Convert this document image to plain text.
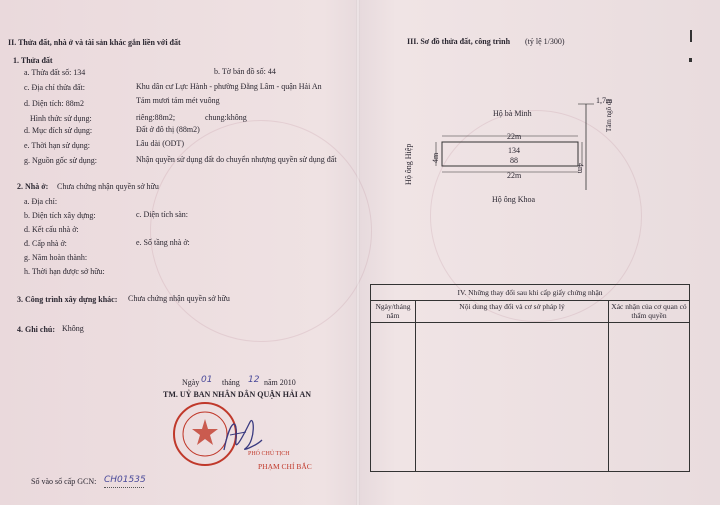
II. Thửa đất, nhà ở và tài sản khác gắn liền với đất
1. Thửa đất
a. Thửa đất số: 134	b. Tờ bản đồ số: 44
c. Địa chỉ thửa đất:	Khu dân cư Lực Hành - phường Đằng Lâm - quận Hải An
d. Diện tích: 88m2	Tám mươi tám mét vuông
Hình thức sử dụng:	riêng:88m2;	chung:không
d. Mục đích sử dụng:	Đất ở đô thị (88m2)
e. Thời hạn sử dụng:	Lâu dài (ODT)
g. Nguồn gốc sử dụng:	Nhận quyền sử dụng đất do chuyển nhượng quyền sử dụng đất
2. Nhà ở: Chưa chứng nhận quyền sở hữu
a. Địa chỉ:
b. Diện tích xây dựng:	c. Diện tích sàn:
d. Kết cấu nhà ở:
đ. Cấp nhà ở:	e. Số tầng nhà ở:
g. Năm hoàn thành:
h. Thời hạn được sở hữu:
3. Công trình xây dựng khác: Chưa chứng nhận quyền sở hữu
4. Ghi chú: Không
Ngày 01 tháng 12 năm 2010
TM. UỶ BAN NHÂN DÂN QUẬN HẢI AN
PHÓ CHỦ TỊCH
PHẠM CHÍ BẮC
Số vào sổ cấp GCN: CH01535
III. Sơ đồ thửa đất, công trình (tỷ lệ 1/300)
Hộ bà Minh
22m
1,7m
134
88
22m
Hộ ông Khoa
Hộ ông Hiệp 4m
4m
Tâm ngõ đi
IV. Những thay đổi sau khi cấp giấy chứng nhận		
Ngày/tháng năm	Nội dung thay đổi và cơ sở pháp lý	Xác nhận của cơ quan có thẩm quyền
